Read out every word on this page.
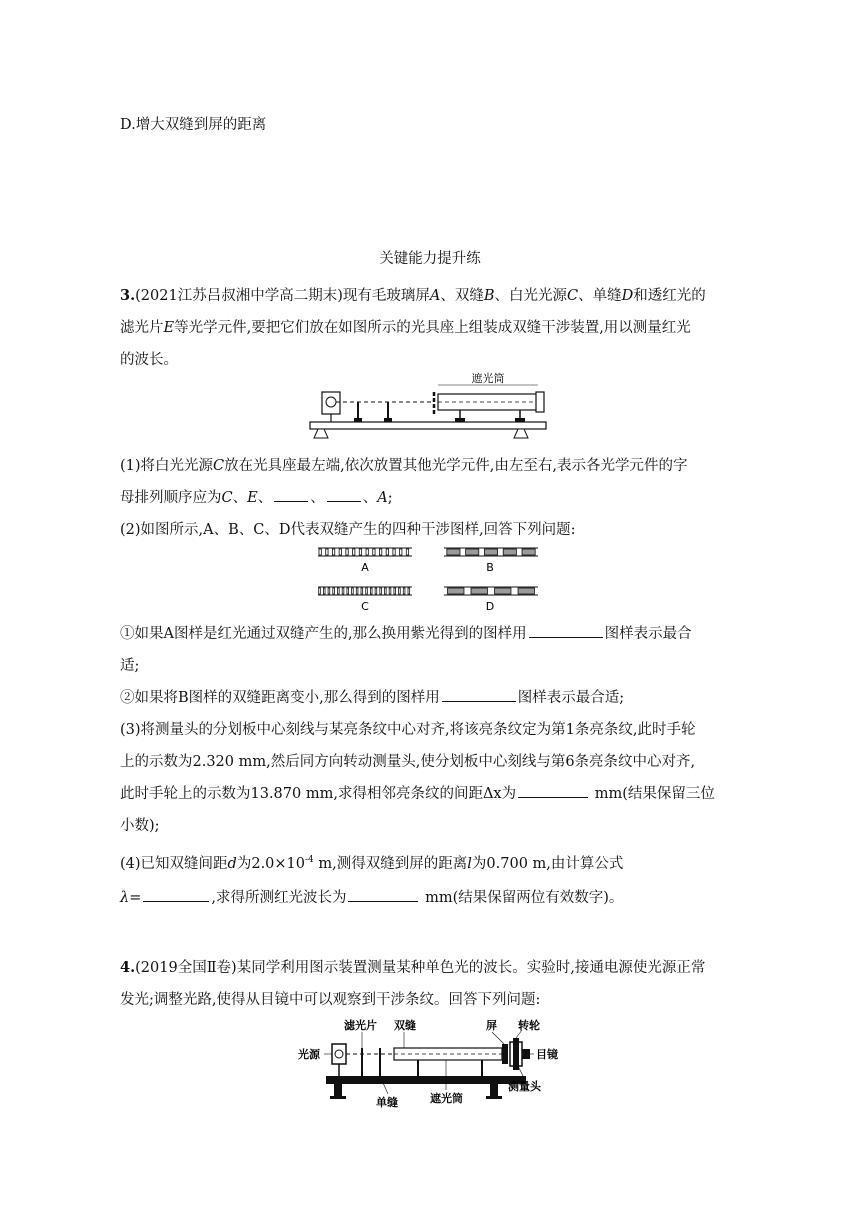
D.增大双缝到屏的距离
关键能力提升练
3.(2021江苏吕叔湘中学高二期末)现有毛玻璃屏A、双缝B、白光光源C、单缝D和透红光的
滤光片E等光学元件,要把它们放在如图所示的光具座上组装成双缝干涉装置,用以测量红光
的波长。
遮光筒
(1)将白光光源C放在光具座最左端,依次放置其他光学元件,由左至右,表示各光学元件的字
母排列顺序应为C、E、	、	、A;
(2)如图所示,A、B、C、D代表双缝产生的四种干涉图样,回答下列问题:
A	B
C	D
①如果A图样是红光通过双缝产生的,那么换用紫光得到的图样用	图样表示最合
适;
②如果将B图样的双缝距离变小,那么得到的图样用	图样表示最合适;
(3)将测量头的分划板中心刻线与某亮条纹中心对齐,将该亮条纹定为第1条亮条纹,此时手轮
上的示数为2.320 mm,然后同方向转动测量头,使分划板中心刻线与第6条亮条纹中心对齐,
此时手轮上的示数为13.870 mm,求得相邻亮条纹的间距Δx为	mm(结果保留三位
小数);
(4)已知双缝间距d为$2.0\times 10^{-4}$ m,测得双缝到屏的距离l为0.700 m,由计算公式
λ=	,求得所测红光波长为	mm(结果保留两位有效数字)。
4.(2019全国Ⅱ卷)某同学利用图示装置测量某种单色光的波长。实验时,接通电源使光源正常
发光;调整光路,使得从目镜中可以观察到干涉条纹。回答下列问题:
滤光片 双缝	屏 转轮
光源	目镜
单缝	遮光筒
测量头
